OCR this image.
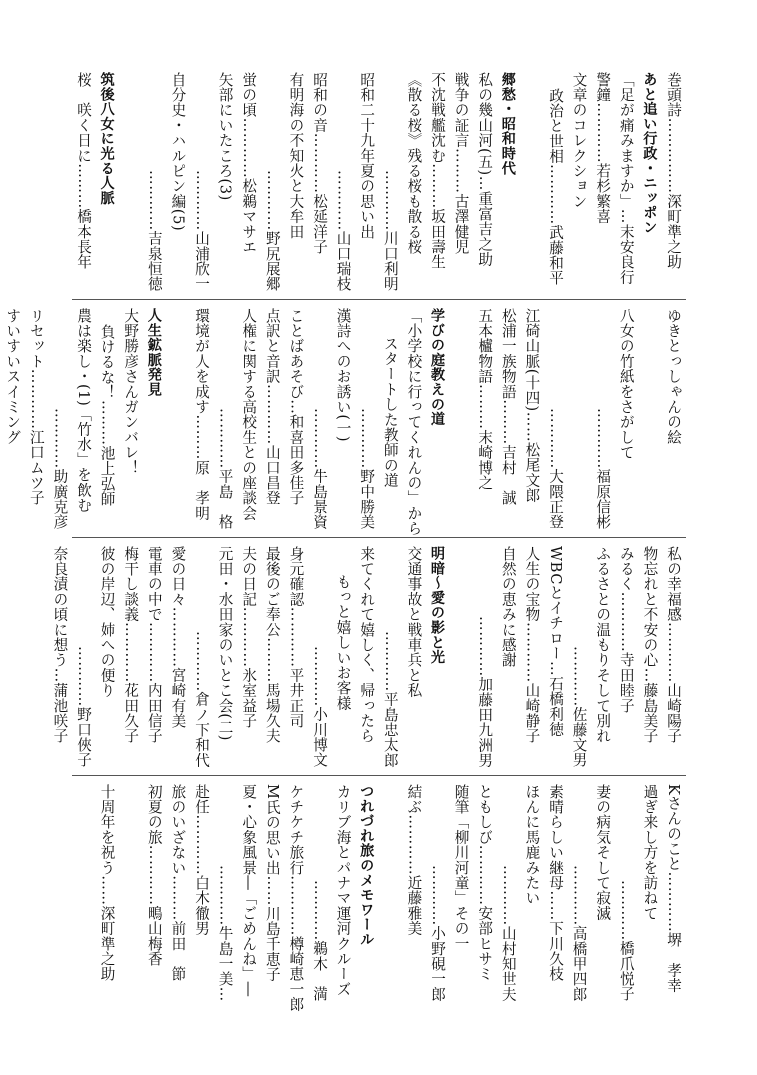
巻頭詩……………深町準之助
あと追い行政・ニッポン
「足が痛みますか」…末安良行
警鐘…………若杉繁喜
文章のコレクション
政治と世相…………武藤和平
郷愁・昭和時代
私の幾山河(五)…重富吉之助
戦争の証言………古澤健児
不沈戦艦沈む………坂田壽生
《散る桜》残る桜も散る桜
…………川口利明
昭和二十九年夏の思い出
…………山口瑞枝
昭和の音…………松延洋子
有明海の不知火と大牟田
…………野尻展郷
蛍の頃…………松鵜マサエ
矢部にいたころ(3)
…………山浦欣一
自分史・ハルピン編(5)
…………吉泉恒徳
筑後八女に光る人脈
桜　咲く日に………橋本長年
ゆきとっしゃんの絵
八女の竹紙をさがして
…………福原信彬
…………大隈正登
江碕山脈(十四)……松尾文郎
松浦一族物語………吉村　誠
五本櫨物語………末崎博之
学びの庭教えの道
「小学校に行ってくれんの」から
スタートした教師の道
…………野中勝美
漢詩へのお誘い(一)
…………牛島景資
ことばあそび…和喜田多佳子
点訳と音訳…………山口昌登
人権に関する高校生との座談会
…………平島　格
環境が人を成す………原　孝明
人生鉱脈発見
大野勝彦さんガンバレ！
負けるな！………池上弘師
農は楽し・(1)「竹水」を飲む
…………助廣克彦
リセット…………江口ムツ子
すいすいスイミング
私の幸福感…………山崎陽子
物忘れと不安の心…藤島美子
みるく…………寺田睦子
ふるさとの温もりそして別れ
…………佐藤文男
WBCとイチロー…石橋利徳
人生の宝物…………山崎静子
自然の恵みに感謝
…………加藤田九洲男
明暗〜愛の影と光
交通事故と戦車兵と私
…………平島忠太郎
来てくれて嬉しく、帰ったら
もっと嬉しいお客様
…………小川博文
身元確認…………平井正司
最後のご奉公………馬場久夫
夫の日記…………氷室益子
元田・水田家のいとこ会(二)
…………倉ノ下和代
愛の日々…………宮崎有美
電車の中で…………内田信子
梅干し談義…………花田久子
彼の岸辺、姉への便り
…………野口俠子
奈良漬の頃に想う…蒲池咲子
Kさんのこと…………堺　孝幸
過ぎ来し方を訪ねて
…………橋爪悦子
妻の病気そして寂滅
…………高橋甲四郎
素晴らしい継母……下川久枝
ほんに馬鹿みたい
…………山村知世夫
ともしび…………安部ヒサミ
随筆「柳川河童」その一
…………小野硯一郎
結ぶ…………近藤雅美
つれづれ旅のメモワール
カリブ海とパナマ運河クルーズ
…………鵜木　満
ケチケチ旅行…………樽崎恵一郎
M氏の思い出……川島千恵子
夏・心象風景―「ごめんね」―
…………牛島一美…
赴任…………白木徹男
旅のいざない………前田　節
初夏の旅…………鴫山梅香
十周年を祝う……深町準之助
